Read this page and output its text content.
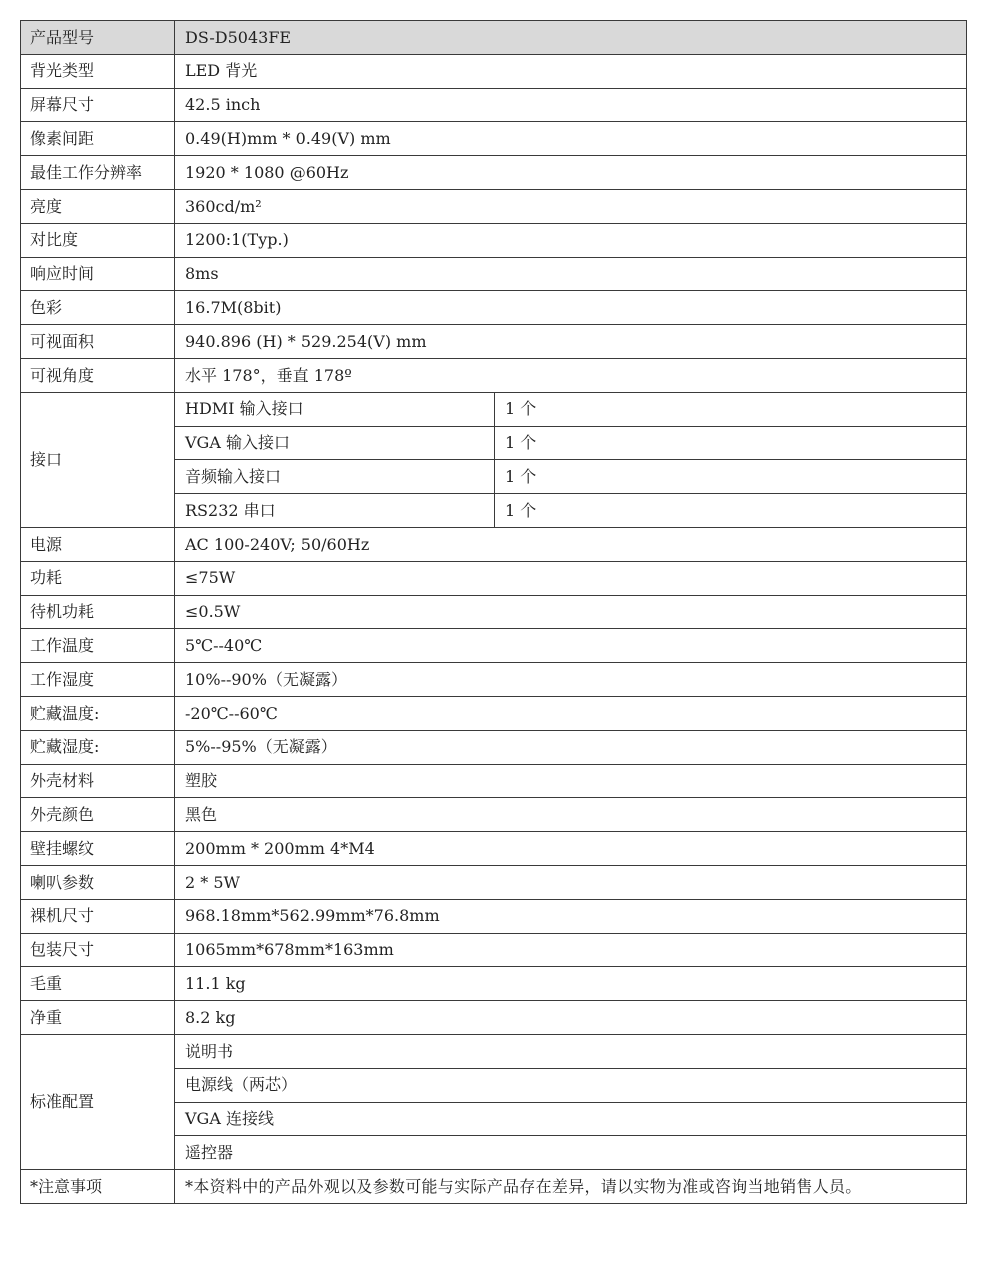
产品型号	DS-D5043FE	
背光类型	LED 背光	
屏幕尺寸	42.5 inch	
像素间距	0.49(H)mm * 0.49(V) mm	
最佳工作分辨率	1920 * 1080 @60Hz	
亮度	360cd/m²	
对比度	1200:1(Typ.)	
响应时间	8ms	
色彩	16.7M(8bit)	
可视面积	940.896 (H) * 529.254(V) mm	
可视角度	水平 178°，垂直 178º	
接口	HDMI 输入接口	1 个
	VGA 输入接口	1 个
	音频输入接口	1 个
	RS232 串口	1 个
电源	AC 100-240V; 50/60Hz	
功耗	≤75W	
待机功耗	≤0.5W	
工作温度	5℃--40℃	
工作湿度	10%--90%（无凝露）	
贮藏温度:	-20℃--60℃	
贮藏湿度:	5%--95%（无凝露）	
外壳材料	塑胶	
外壳颜色	黑色	
壁挂螺纹	200mm * 200mm 4*M4	
喇叭参数	2 * 5W	
裸机尺寸	968.18mm*562.99mm*76.8mm	
包装尺寸	1065mm*678mm*163mm	
毛重	11.1 kg	
净重	8.2 kg	
标准配置	说明书	
	电源线（两芯）	
	VGA 连接线	
	遥控器	
*注意事项	*本资料中的产品外观以及参数可能与实际产品存在差异，请以实物为准或咨询当地销售人员。	
